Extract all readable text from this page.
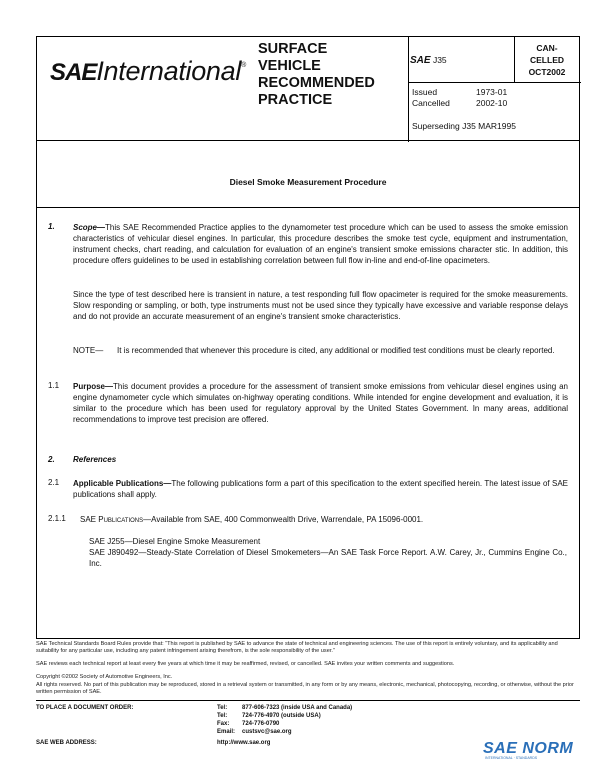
SAEInternational®
SURFACE
VEHICLE
RECOMMENDED
PRACTICE
SAE J35
CAN-
CELLED
OCT2002
Issued	1973-01
Cancelled	2002-10
Superseding J35 MAR1995
Diesel Smoke Measurement Procedure
1. Scope—This SAE Recommended Practice applies to the dynamometer test procedure which can be used to assess the smoke emission characteristics of vehicular diesel engines. In particular, this procedure describes the smoke test cycle, equipment and instrumentation, instrument checks, chart reading, and calculation for evaluation of an engine's transient smoke emissions character stic. In addition, this procedure offers guidelines to be used in establishing correlation between full flow in-line and end-of-line opacimeters.
Since the type of test described here is transient in nature, a test responding full flow opacimeter is required for the smoke measurements. Slow responding or sampling, or both, type instruments must not be used since they typically have excessive and variable response delays and do not provide an accurate measurement of an engine's transient smoke characteristics.
NOTE—	It is recommended that whenever this procedure is cited, any additional or modified test conditions must be clearly reported.
1.1 Purpose—This document provides a procedure for the assessment of transient smoke emissions from vehicular diesel engines using an engine dynamometer cycle which simulates on-highway operating conditions. While intended for engine development and evaluation, it is similar to the procedure which has been used for regulatory approval by the United States Government. In many areas, additional recommendations to improve test precision are offered.
2. References
2.1 Applicable Publications—The following publications form a part of this specification to the extent specified herein. The latest issue of SAE publications shall apply.
2.1.1 SAE Publications—Available from SAE, 400 Commonwealth Drive, Warrendale, PA 15096-0001.
SAE J255—Diesel Engine Smoke Measurement
SAE J890492—Steady-State Correlation of Diesel Smokemeters—An SAE Task Force Report. A.W. Carey, Jr., Cummins Engine Co., Inc.
SAE Technical Standards Board Rules provide that: “This report is published by SAE to advance the state of technical and engineering sciences. The use of this report is entirely voluntary, and its applicability and suitability for any particular use, including any patent infringement arising therefrom, is the sole responsibility of the user.”
SAE reviews each technical report at least every five years at which time it may be reaffirmed, revised, or cancelled. SAE invites your written comments and suggestions.
Copyright ©2002 Society of Automotive Engineers, Inc.
All rights reserved. No part of this publication may be reproduced, stored in a retrieval system or transmitted, in any form or by any means, electronic, mechanical, photocopying, recording, or otherwise, without the prior written permission of SAE.
TO PLACE A DOCUMENT ORDER:	Tel: 877-606-7323 (inside USA and Canada)
Tel: 724-776-4970 (outside USA)
Fax: 724-776-0790
Email: custsvc@sae.org
SAE WEB ADDRESS:	http://www.sae.org	SAE NORM
INTERNATIONAL · STANDARDS
